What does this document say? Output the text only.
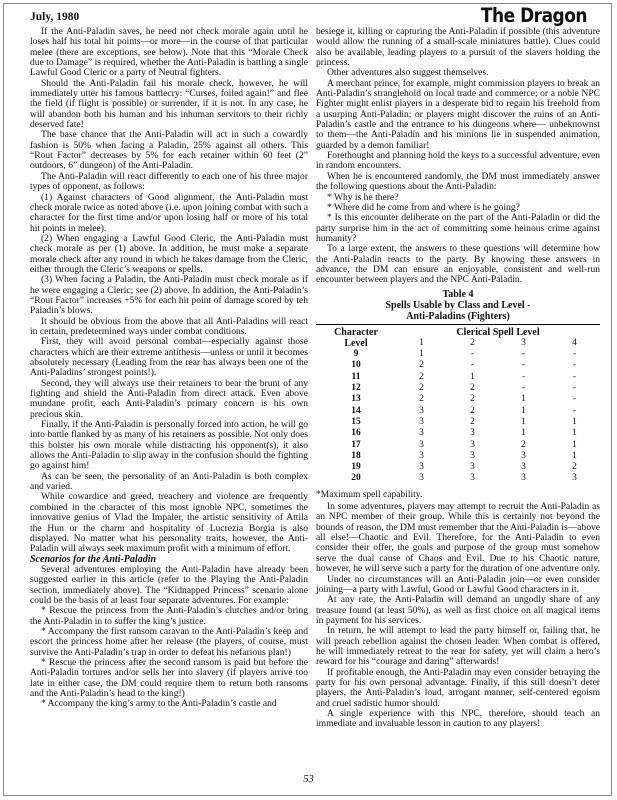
July, 1980	The Dragon

If the Anti-Paladin saves, he need not check morale again until he loses half his total hit points—or more—in the course of that particular melee (there are exceptions, see below). Note that this “Morale Check due to Damage” is required, whether the Anti-Paladin is battling a single Lawful Good Cleric or a party of Neutral fighters.

Should the Anti-Paladin fail his morale check, however, he will immediately utter his famous battlecry: “Curses, foiled again!” and flee the field (if flight is possible) or surrender, if it is not. In any case, he will abandon both his human and his inhuman servitors to their richly deserved fate!

The base chance that the Anti-Paladin will act in such a cowardly fashion is 50% when facing a Paladin, 25% against all others. This “Rout Factor” decreases by 5% for each retainer within 60 feet (2” outdoors, 6” dungeon) of the Anti-Paladin.

The Anti-Paladin will react differently to each one of his three major types of opponent, as follows:

(1) Against characters of Good alignment, the Anti-Paladin must check morale twice as noted above (i.e. upon joining combat with such a character for the first time and/or upon losing half or more of his total hit points in melee).

(2) When engaging a Lawful Good Cleric, the Anti-Paladin must check morale as per (1) above. In addition, he must make a separate morale check after any round in which he takes damage from the Cleric, either through the Cleric’s weapons or spells.

(3) When facing a Paladin, the Anti-Paladin must check morale as if he were engaging a Cleric; see (2) above. In addition, the Anti-Paladin’s “Rout Factor” increases +5% for each hit point of damage scored by teh Paladin’s blows.

It should be obvious from the above that all Anti-Paladins will react in certain, predetermined ways under combat conditions.

First, they will avoid personal combat—especially against those characters which are their extreme antithesis—unless or until it becomes absolutely necessary (Leading from the rear has always been one of the Anti-Paladins’ strongest points!).

Second, they will always use their retainers to bear the brunt of any fighting and shield the Anti-Paladin from direct attack. Even above mundane profit, each Anti-Paladin’s primary concern is his own precious skin.

Finally, if the Anti-Paladin is personally forced into action, he will go into battle flanked by as many of his retainers as possible. Not only does this bolster his own morale while distracting his opponent(s), it also allows the Anti-Paladin to slip away in the confusion should the fighting go against him!

As can be seen, the personality of an Anti-Paladin is both complex and varied.

While cowardice and greed, treachery and violence are frequently combined in the character of this most ignoble NPC, sometimes the innovative genius of Vlad the Impaler, the artistic sensitivity of Attila the Hun or the charm and hospitality of Lucrezia Borgia is also displayed. No matter what his personality traits, however, the Anti-Paladin will always seek maximum profit with a minimum of effort.

Scenarios for the Anti-Paladin

Several adventures employing the Anti-Paladin have already been suggested earlier in this article (refer to the Playing the Anti-Paladin section, immediately above). The “Kidnapped Princess” scenario alone could be the basis of at least four separate adventures. For example:

* Rescue the princess from the Anti-Paladin’s clutches and/or bring the Anti-Paladin in to suffer the king’s justice.

* Accompany the first ransom caravan to the Anti-Paladin’s keep and escort the princess home after her release (the players, of course, must survive the Anti-Paladin’s trap in order to defeat his nefarious plan!)

* Rescue the princess after the second ransom is paid but before the Anti-Paladin tortures and/or sells her into slavery (if players arrive too late in either case, the DM could require them to return both ransoms and the Anti-Paladin’s head to the king!)

* Accompany the king’s army to the Anti-Paladin’s castle and

besiege it, killing or capturing the Anti-Paladin if possible (this adventure would allow the running of a small-scale miniatures battle). Clues could also be available, leading players to a pursuit of the slavers holding the princess.

Other adventures also suggest themselves.

A merchant prince, for example, might commission players to break an Anti-Paladin’s stranglehold on local trade and commerce; or a noble NPC Fighter might enlist players in a desperate bid to regain his freehold from a usurping Anti-Paladin; or players might discover the ruins of an Anti-Paladin’s castle and the entrance to his dungeons where— unbeknownst to them—the Anti-Paladin and his minions lie in suspended animation, guarded by a demon familiar!

Forethought and planning hold the keys to a successful adventure, even in random encounters.

When he is encountered randomly, the DM must immediately answer the following questions about the Anti-Paladin:

* Why is he there?

* Where did he come from and where is he going?

* Is this encounter deliberate on the part of the Anti-Paladin or did the party surprise him in the act of committing some heinous crime against humanity?

To a large extent, the answers to these questions will determine how the Anti-Paladin reacts to the party. By knowing these answers in advance, the DM can ensure an enjoyable, consistent and well-run encounter between players and the NPC Anti-Paladin.

Table 4
Spells Usable by Class and Level -
Anti-Paladins (Fighters)
Character	Clerical Spell Level			
Level	1	2	3	4
9	1	-	-	-
10	2	-	-	-
11	2	1	-	-
12	2	2	-	-
13	2	2	1	-
14	3	2	1	-
15	3	2	1	1
16	3	3	1	1
17	3	3	2	1
18	3	3	3	1
19	3	3	3	2
20	3	3	3	3
*Maximum spell capability.

In some adventures, players may attempt to recruit the Anti-Paladin as an NPC member of their group. While this is certainly not beyond the bounds of reason, the DM must remember that the Anti-Paladin is—above all else!—Chaotic and Evil. Therefore, for the Anti-Paladin to even consider their offer, the goals and purpose of the group must somehow serve the dual cause of Chaos and Evil. Due to his Chaotic nature, however, he will serve such a party for the duration of one adventure only.

Under no circumstances will an Anti-Paladin join—or even consider joining—a party with Lawful, Good or Lawful Good characters in it.

At any rate, the Anti-Paladin will demand an ungodly share of any treasure found (at least 50%), as well as first choice on all magical items in payment for his services.

In return, he will attempt to lead the party himself or, failing that, he will preach rebellion against the chosen leader. When combat is offered, he will immediately retreat to the rear for safety, yet will claim a hero’s reward for his “courage and daring” afterwards!

If profitable enough, the Anti-Paladin may even consider betraying the party for his own personal advantage. Finally, if this still doesn’t deter players, the Anti-Paladin’s loud, arrogant manner, self-centered egoism and cruel sadistic humor should.

A single experience with this NPC, therefore, should teach an immediate and invaluable lesson in caution to any players!

53
